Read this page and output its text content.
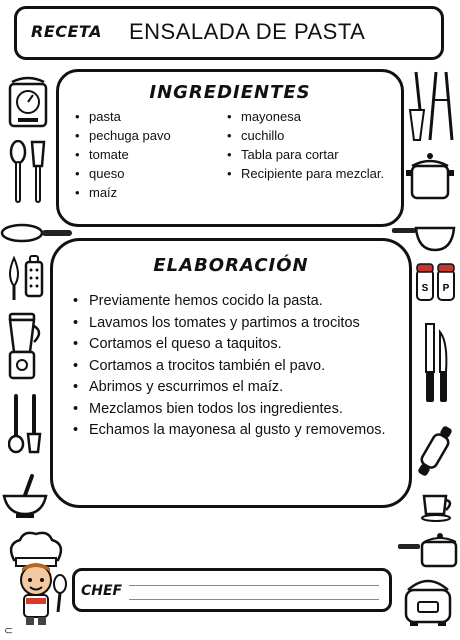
RECETA ENSALADA DE PASTA
INGREDIENTES
• pasta
• pechuga pavo
• tomate
• queso
• maíz
• mayonesa
• cuchillo
• Tabla para cortar
• Recipiente para mezclar.
ELABORACIÓN
• Previamente hemos cocido la pasta.
• Lavamos los tomates y partimos a trocitos
• Cortamos el queso a taquitos.
• Cortamos a trocitos también el pavo.
• Abrimos y escurrimos el maíz.
• Mezclamos bien todos los ingredientes.
• Echamos la mayonesa al gusto y removemos.
CHEF
S P
⊂
